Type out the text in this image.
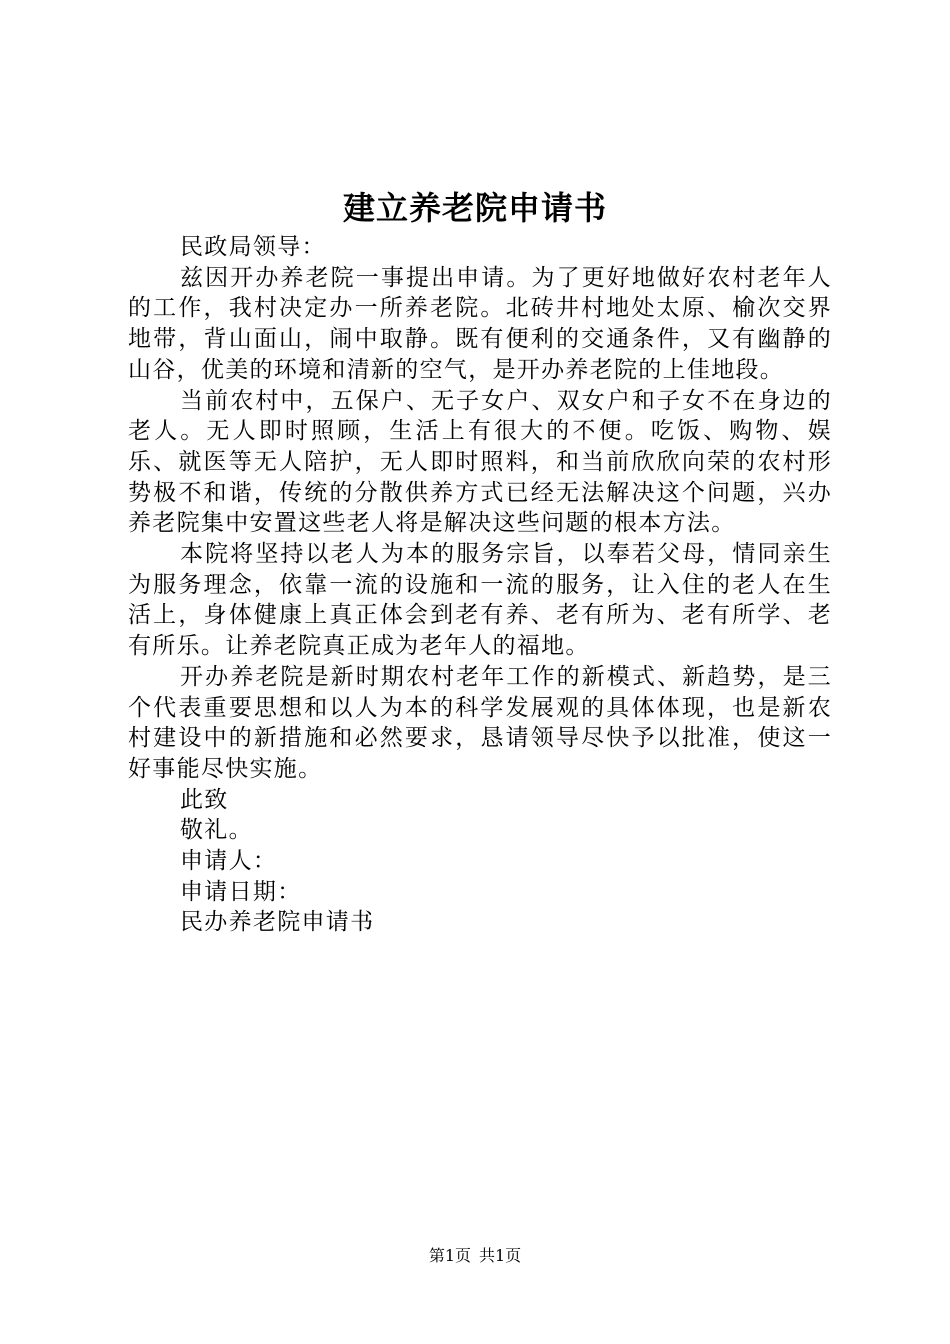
建立养老院申请书

民政局领导：

兹因开办养老院一事提出申请。为了更好地做好农村老年人的工作，我村决定办一所养老院。北砖井村地处太原、榆次交界地带，背山面山，闹中取静。既有便利的交通条件，又有幽静的山谷，优美的环境和清新的空气，是开办养老院的上佳地段。

当前农村中，五保户、无子女户、双女户和子女不在身边的老人。无人即时照顾，生活上有很大的不便。吃饭、购物、娱乐、就医等无人陪护，无人即时照料，和当前欣欣向荣的农村形势极不和谐，传统的分散供养方式已经无法解决这个问题，兴办养老院集中安置这些老人将是解决这些问题的根本方法。

本院将坚持以老人为本的服务宗旨，以奉若父母，情同亲生为服务理念，依靠一流的设施和一流的服务，让入住的老人在生活上，身体健康上真正体会到老有养、老有所为、老有所学、老有所乐。让养老院真正成为老年人的福地。

开办养老院是新时期农村老年工作的新模式、新趋势，是三个代表重要思想和以人为本的科学发展观的具体体现，也是新农村建设中的新措施和必然要求，恳请领导尽快予以批准，使这一好事能尽快实施。

此致

敬礼。

申请人：

申请日期：

民办养老院申请书

第1页 共1页
